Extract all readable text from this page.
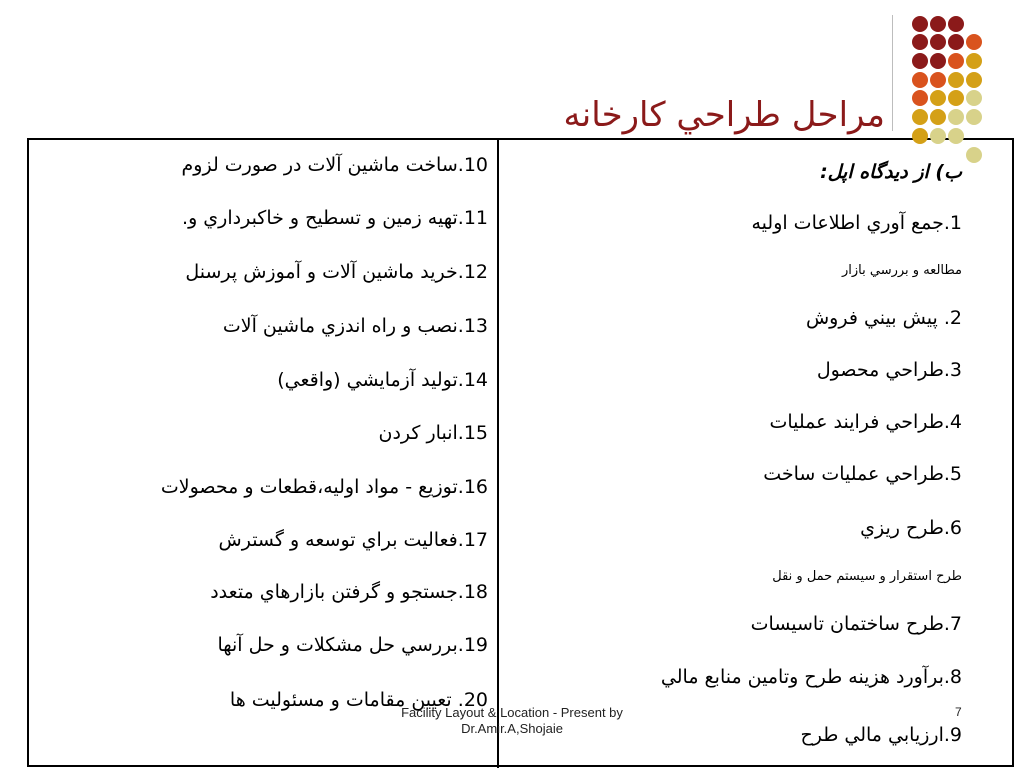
مراحل طراحي كارخانه
ب) از ديدگاه اپل:
1.جمع آوري اطلاعات اوليه
مطالعه و بررسي بازار
2. پيش بيني فروش
3.طراحي محصول
4.طراحي فرايند عمليات
5.طراحي عمليات ساخت
6.طرح ريزي
طرح استقرار و سيستم حمل و نقل
7.طرح ساختمان تاسيسات
8.برآورد هزينه طرح وتامين منابع مالي
9.ارزيابي مالي طرح
10.ساخت ماشين آلات در صورت لزوم
11.تهيه زمين و تسطيح و خاكبرداري و.
12.خريد ماشين آلات و آموزش پرسنل
13.نصب و راه اندزي ماشين آلات
14.توليد آزمايشي (واقعي)
15.انبار كردن
16.توزيع - مواد اوليه،قطعات و محصولات
17.فعاليت براي توسعه و گسترش
18.جستجو و گرفتن بازارهاي متعدد
19.بررسي حل مشكلات و حل آنها
20. تعيين مقامات و مسئوليت ها
Facility Layout & Location - Present by
Dr.Amir.A,Shojaie
7
